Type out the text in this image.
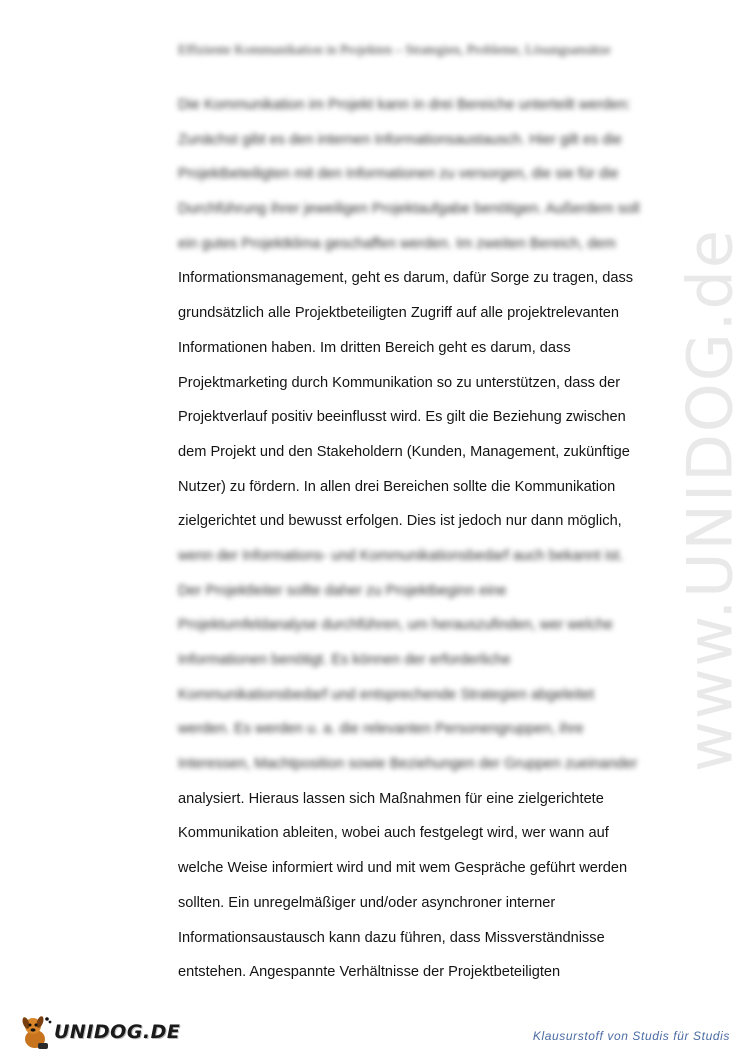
www.UNIDOG.de
Effiziente Kommunikation in Projekten – Strategien, Probleme, Lösungsansätze
Die Kommunikation im Projekt kann in drei Bereiche unterteilt werden:
Zunächst gibt es den internen Informationsaustausch. Hier gilt es die
Projektbeteiligten mit den Informationen zu versorgen, die sie für die
Durchführung ihrer jeweiligen Projektaufgabe benötigen. Außerdem soll
ein gutes Projektklima geschaffen werden. Im zweiten Bereich, dem
Informationsmanagement, geht es darum, dafür Sorge zu tragen, dass
grundsätzlich alle Projektbeteiligten Zugriff auf alle projektrelevanten
Informationen haben. Im dritten Bereich geht es darum, dass
Projektmarketing durch Kommunikation so zu unterstützen, dass der
Projektverlauf positiv beeinflusst wird. Es gilt die Beziehung zwischen
dem Projekt und den Stakeholdern (Kunden, Management, zukünftige
Nutzer) zu fördern. In allen drei Bereichen sollte die Kommunikation
zielgerichtet und bewusst erfolgen. Dies ist jedoch nur dann möglich,
wenn der Informations- und Kommunikationsbedarf auch bekannt ist.
Der Projektleiter sollte daher zu Projektbeginn eine
Projektumfeldanalyse durchführen, um herauszufinden, wer welche
Informationen benötigt. Es können der erforderliche
Kommunikationsbedarf und entsprechende Strategien abgeleitet
werden. Es werden u. a. die relevanten Personengruppen, ihre
Interessen, Machtposition sowie Beziehungen der Gruppen zueinander
analysiert. Hieraus lassen sich Maßnahmen für eine zielgerichtete
Kommunikation ableiten, wobei auch festgelegt wird, wer wann auf
welche Weise informiert wird und mit wem Gespräche geführt werden
sollten. Ein unregelmäßiger und/oder asynchroner interner
Informationsaustausch kann dazu führen, dass Missverständnisse
entstehen. Angespannte Verhältnisse der Projektbeteiligten
UNIDOG.DE	Klausurstoff von Studis für Studis
